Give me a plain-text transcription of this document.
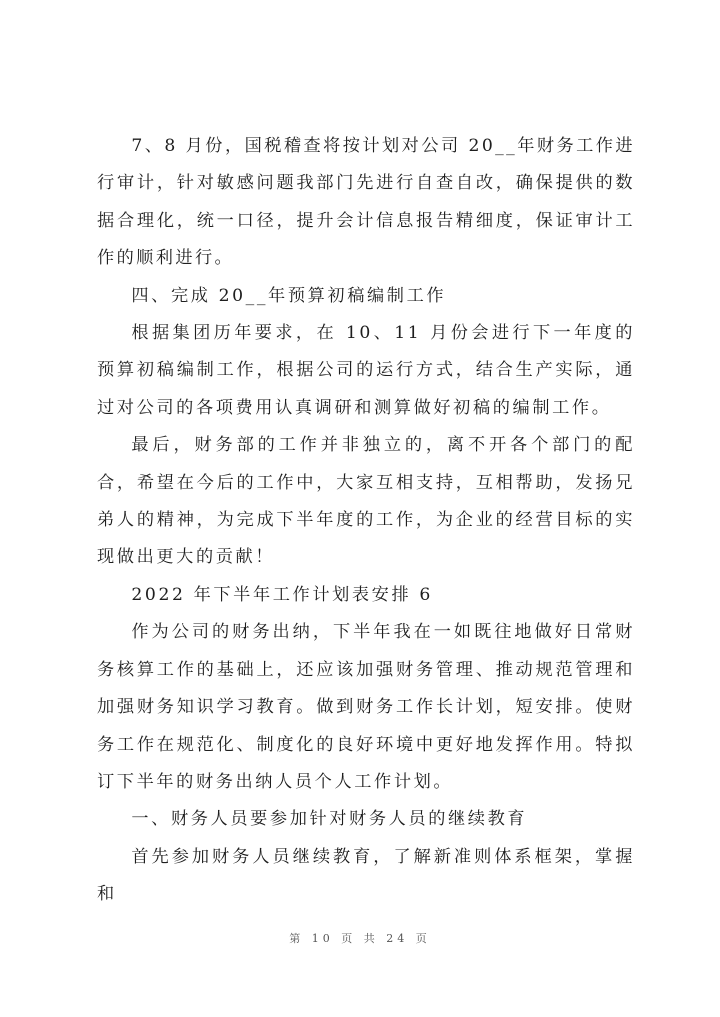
7、8 月份，国税稽查将按计划对公司 20__年财务工作进行审计，针对敏感问题我部门先进行自查自改，确保提供的数据合理化，统一口径，提升会计信息报告精细度，保证审计工作的顺利进行。

四、完成 20__年预算初稿编制工作

根据集团历年要求，在 10、11 月份会进行下一年度的预算初稿编制工作，根据公司的运行方式，结合生产实际，通过对公司的各项费用认真调研和测算做好初稿的编制工作。

最后，财务部的工作并非独立的，离不开各个部门的配合，希望在今后的工作中，大家互相支持，互相帮助，发扬兄弟人的精神，为完成下半年度的工作，为企业的经营目标的实现做出更大的贡献！

2022 年下半年工作计划表安排 6

作为公司的财务出纳，下半年我在一如既往地做好日常财务核算工作的基础上，还应该加强财务管理、推动规范管理和加强财务知识学习教育。做到财务工作长计划，短安排。使财务工作在规范化、制度化的良好环境中更好地发挥作用。特拟订下半年的财务出纳人员个人工作计划。

一、财务人员要参加针对财务人员的继续教育

首先参加财务人员继续教育，了解新准则体系框架，掌握和

第 10 页 共 24 页
